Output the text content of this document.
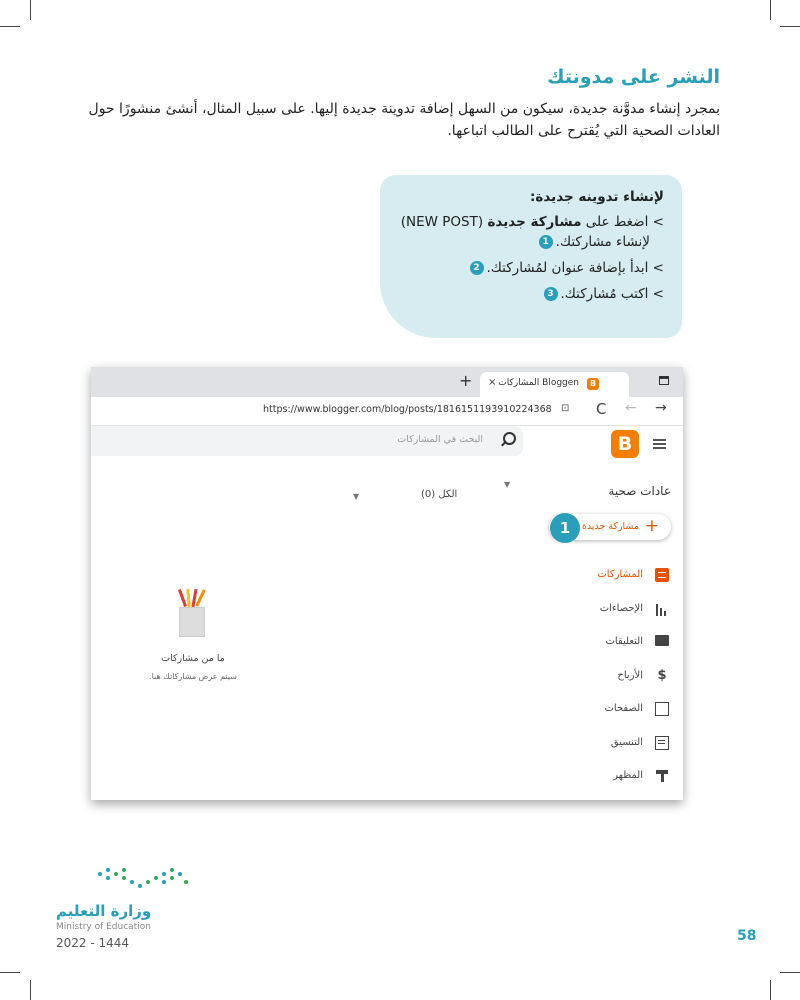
النشر على مدونتك
بمجرد إنشاء مدوَّنة جديدة، سيكون من السهل إضافة تدوينة جديدة إليها. على سبيل المثال، أنشئ منشورًا حول العادات الصحية التي يُقترح على الطالب اتباعها.
لإنشاء تدوينه جديدة:
> اضغط على مشاركة جديدة (NEW POST)
لإنشاء مشاركتك.1
> ابدأ بإضافة عنوان لمُشاركتك.2
> اكتب مُشاركتك.3
+ × المشاركات Bloggen	B
https://www.blogger.com/blog/posts/181615119391022436‎8 ⊡ C ← →
البحث في المشاركات	B
عادات صحية
▼
الكل (0)
▼
+
مشاركة جديدة
1
المشاركات
الإحصاءات
التعليقات
$
الأرباح
الصفحات
التنسيق
المظهر
ما من مشاركات
سيتم عرض مشاركاتك هنا.
وزارة التعليم
Ministry of Education
2022 - 1444	58
